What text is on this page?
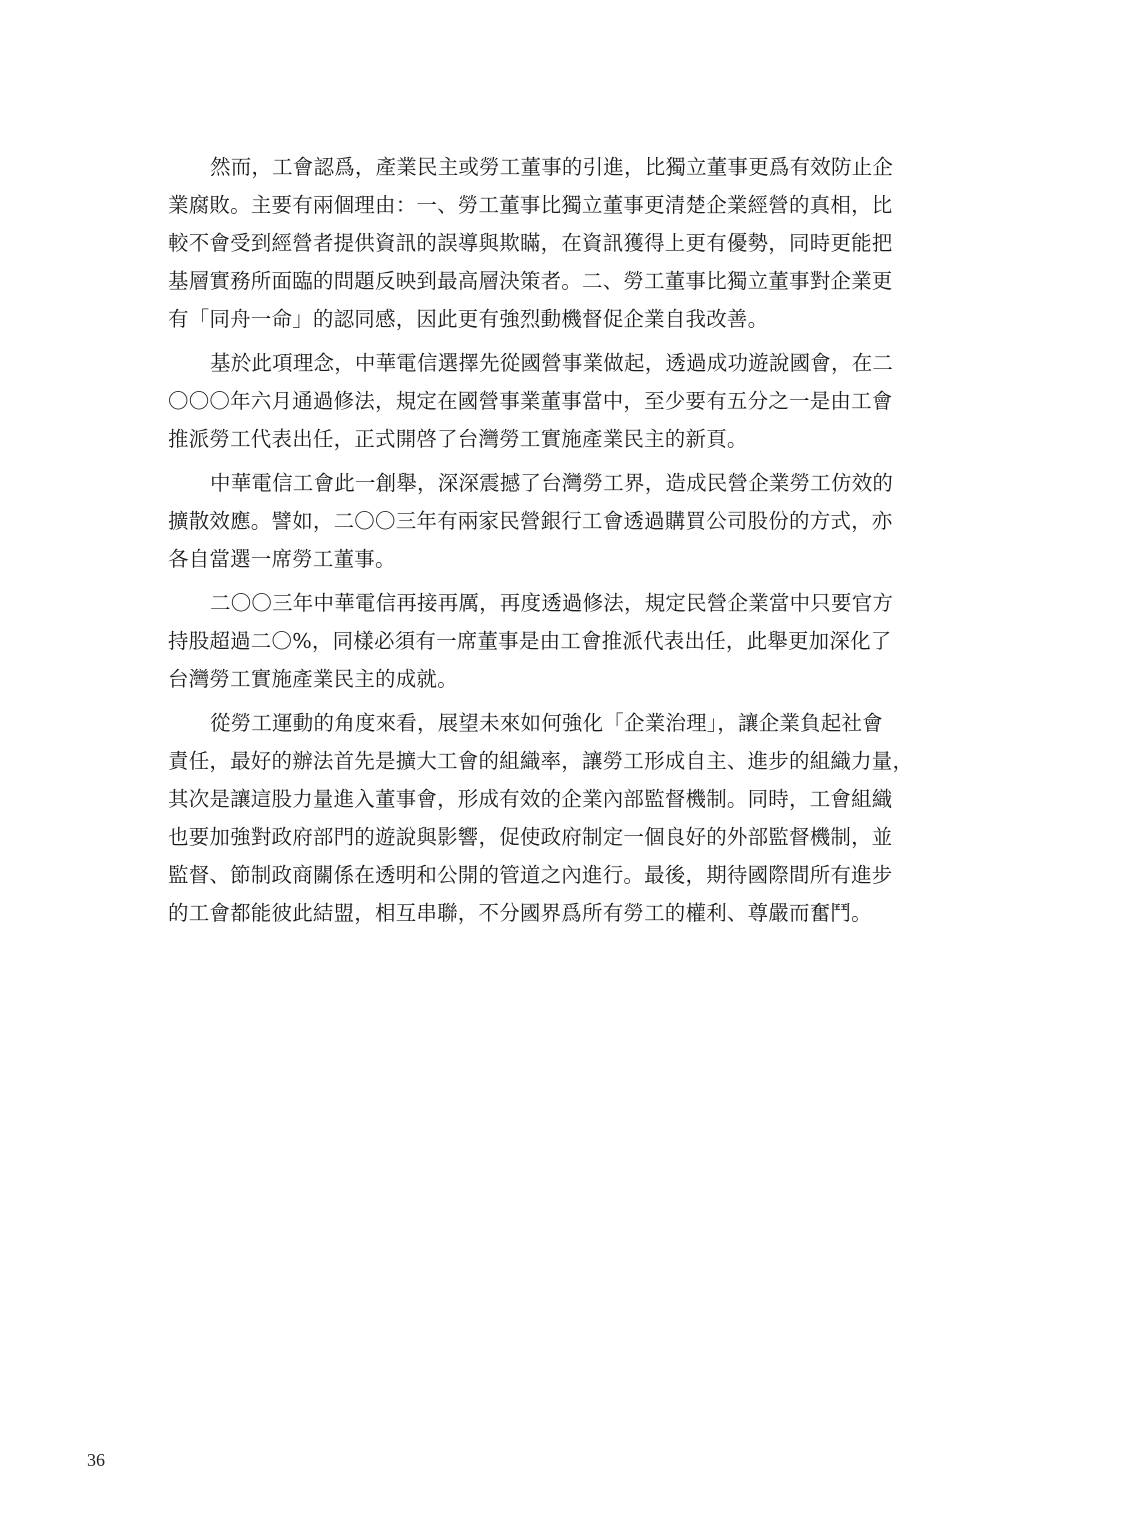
然而，工會認爲，產業民主或勞工董事的引進，比獨立董事更爲有效防止企
業腐敗。主要有兩個理由：一、勞工董事比獨立董事更清楚企業經營的真相，比
較不會受到經營者提供資訊的誤導與欺瞞，在資訊獲得上更有優勢，同時更能把
基層實務所面臨的問題反映到最高層決策者。二、勞工董事比獨立董事對企業更
有「同舟一命」的認同感，因此更有強烈動機督促企業自我改善。

基於此項理念，中華電信選擇先從國營事業做起，透過成功遊說國會，在二
〇〇〇年六月通過修法，規定在國營事業董事當中，至少要有五分之一是由工會
推派勞工代表出任，正式開啓了台灣勞工實施產業民主的新頁。

中華電信工會此一創舉，深深震撼了台灣勞工界，造成民營企業勞工仿效的
擴散效應。譬如，二〇〇三年有兩家民營銀行工會透過購買公司股份的方式，亦
各自當選一席勞工董事。

二〇〇三年中華電信再接再厲，再度透過修法，規定民營企業當中只要官方
持股超過二〇%，同樣必須有一席董事是由工會推派代表出任，此舉更加深化了
台灣勞工實施產業民主的成就。

從勞工運動的角度來看，展望未來如何強化「企業治理」，讓企業負起社會
責任，最好的辦法首先是擴大工會的組織率，讓勞工形成自主、進步的組織力量，
其次是讓這股力量進入董事會，形成有效的企業內部監督機制。同時，工會組織
也要加強對政府部門的遊說與影響，促使政府制定一個良好的外部監督機制，並
監督、節制政商關係在透明和公開的管道之內進行。最後，期待國際間所有進步
的工會都能彼此結盟，相互串聯，不分國界爲所有勞工的權利、尊嚴而奮鬥。

36
